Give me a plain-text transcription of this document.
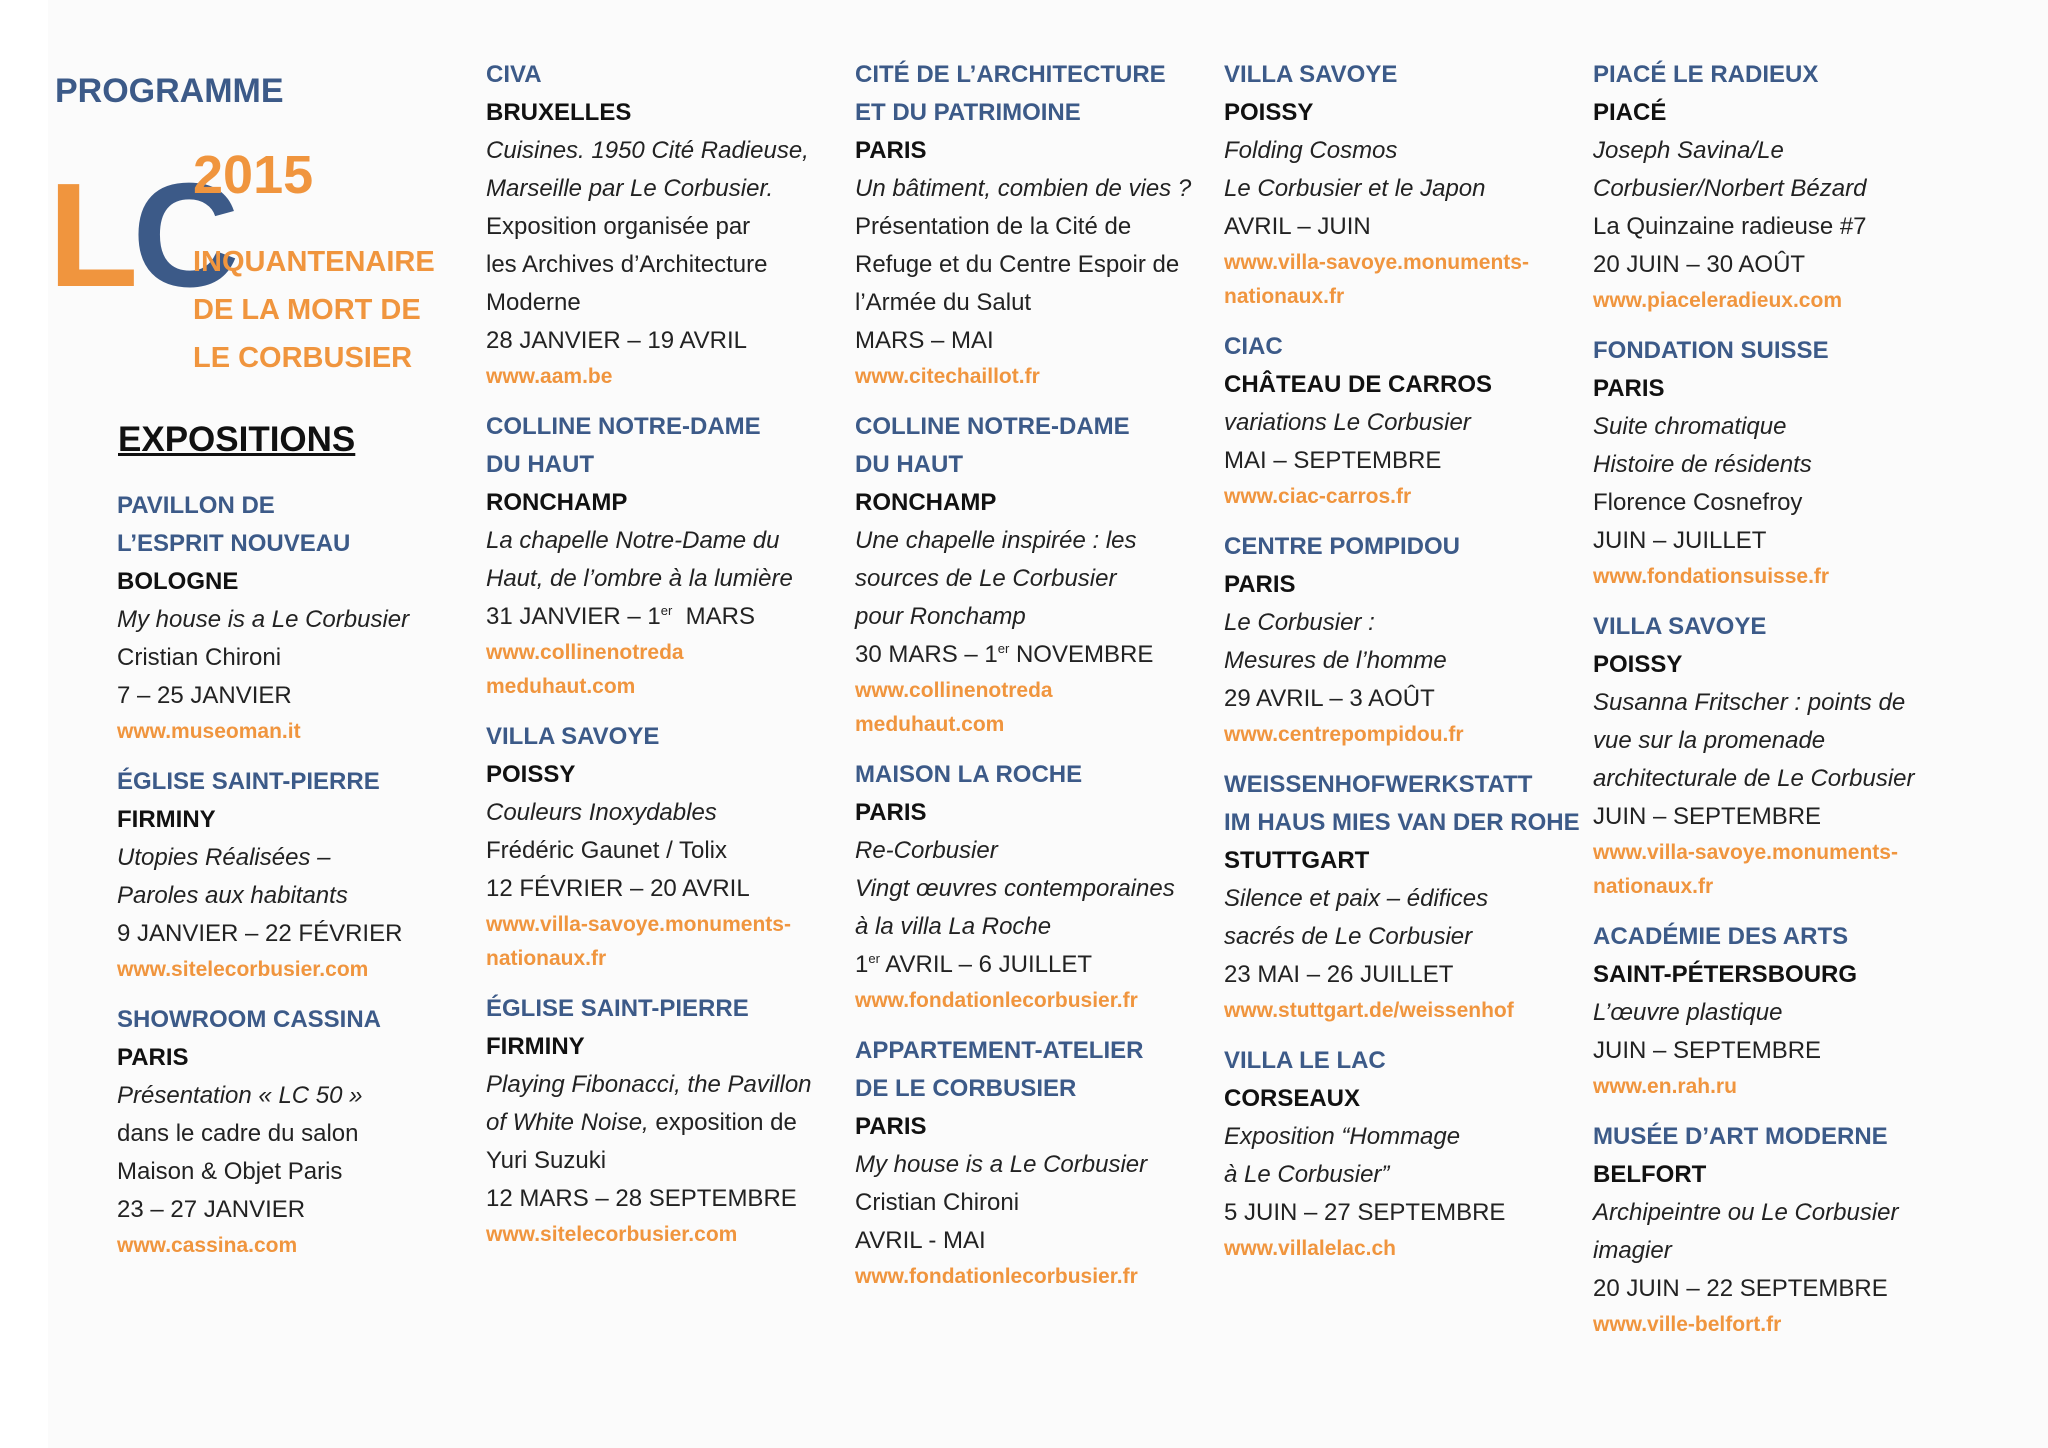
PROGRAMME
LC
2015
INQUANTENAIRE
DE LA MORT DE
LE CORBUSIER
EXPOSITIONS
PAVILLON DE
L’ESPRIT NOUVEAU
BOLOGNE
My house is a Le Corbusier
Cristian Chironi
7 – 25 JANVIER
www.museoman.it
ÉGLISE SAINT-PIERRE
FIRMINY
Utopies Réalisées –
Paroles aux habitants
9 JANVIER – 22 FÉVRIER
www.sitelecorbusier.com
SHOWROOM CASSINA
PARIS
Présentation « LC 50 »
dans le cadre du salon
Maison & Objet Paris
23 – 27 JANVIER
www.cassina.com
CIVA
BRUXELLES
Cuisines. 1950 Cité Radieuse,
Marseille par Le Corbusier.
Exposition organisée par
les Archives d’Architecture
Moderne
28 JANVIER – 19 AVRIL
www.aam.be
COLLINE NOTRE-DAME
DU HAUT
RONCHAMP
La chapelle Notre-Dame du
Haut, de l’ombre à la lumière
31 JANVIER – 1er  MARS
www.collinenotreda
meduhaut.com
VILLA SAVOYE
POISSY
Couleurs Inoxydables
Frédéric Gaunet / Tolix
12 FÉVRIER – 20 AVRIL
www.villa-savoye.monuments-
nationaux.fr
ÉGLISE SAINT-PIERRE
FIRMINY
Playing Fibonacci, the Pavillon
of White Noise, exposition de
Yuri Suzuki
12 MARS – 28 SEPTEMBRE
www.sitelecorbusier.com
CITÉ DE L’ARCHITECTURE
ET DU PATRIMOINE
PARIS
Un bâtiment, combien de vies ?
Présentation de la Cité de
Refuge et du Centre Espoir de
l’Armée du Salut
MARS – MAI
www.citechaillot.fr
COLLINE NOTRE-DAME
DU HAUT
RONCHAMP
Une chapelle inspirée : les
sources de Le Corbusier
pour Ronchamp
30 MARS – 1er NOVEMBRE
www.collinenotreda
meduhaut.com
MAISON LA ROCHE
PARIS
Re-Corbusier
Vingt œuvres contemporaines
à la villa La Roche
1er AVRIL – 6 JUILLET
www.fondationlecorbusier.fr
APPARTEMENT-ATELIER
DE LE CORBUSIER
PARIS
My house is a Le Corbusier
Cristian Chironi
AVRIL - MAI
www.fondationlecorbusier.fr
VILLA SAVOYE
POISSY
Folding Cosmos
Le Corbusier et le Japon
AVRIL – JUIN
www.villa-savoye.monuments-
nationaux.fr
CIAC
CHÂTEAU DE CARROS
variations Le Corbusier
MAI – SEPTEMBRE
www.ciac-carros.fr
CENTRE POMPIDOU
PARIS
Le Corbusier :
Mesures de l’homme
29 AVRIL – 3 AOÛT
www.centrepompidou.fr
WEISSENHOFWERKSTATT
IM HAUS MIES VAN DER ROHE
STUTTGART
Silence et paix – édifices
sacrés de Le Corbusier
23 MAI – 26 JUILLET
www.stuttgart.de/weissenhof
VILLA LE LAC
CORSEAUX
Exposition “Hommage
à Le Corbusier”
5 JUIN – 27 SEPTEMBRE
www.villalelac.ch
PIACÉ LE RADIEUX
PIACÉ
Joseph Savina/Le
Corbusier/Norbert Bézard
La Quinzaine radieuse #7
20 JUIN – 30 AOÛT
www.piaceleradieux.com
FONDATION SUISSE
PARIS
Suite chromatique
Histoire de résidents
Florence Cosnefroy
JUIN – JUILLET
www.fondationsuisse.fr
VILLA SAVOYE
POISSY
Susanna Fritscher : points de
vue sur la promenade
architecturale de Le Corbusier
JUIN – SEPTEMBRE
www.villa-savoye.monuments-
nationaux.fr
ACADÉMIE DES ARTS
SAINT-PÉTERSBOURG
L’œuvre plastique
JUIN – SEPTEMBRE
www.en.rah.ru
MUSÉE D’ART MODERNE
BELFORT
Archipeintre ou Le Corbusier
imagier
20 JUIN – 22 SEPTEMBRE
www.ville-belfort.fr
